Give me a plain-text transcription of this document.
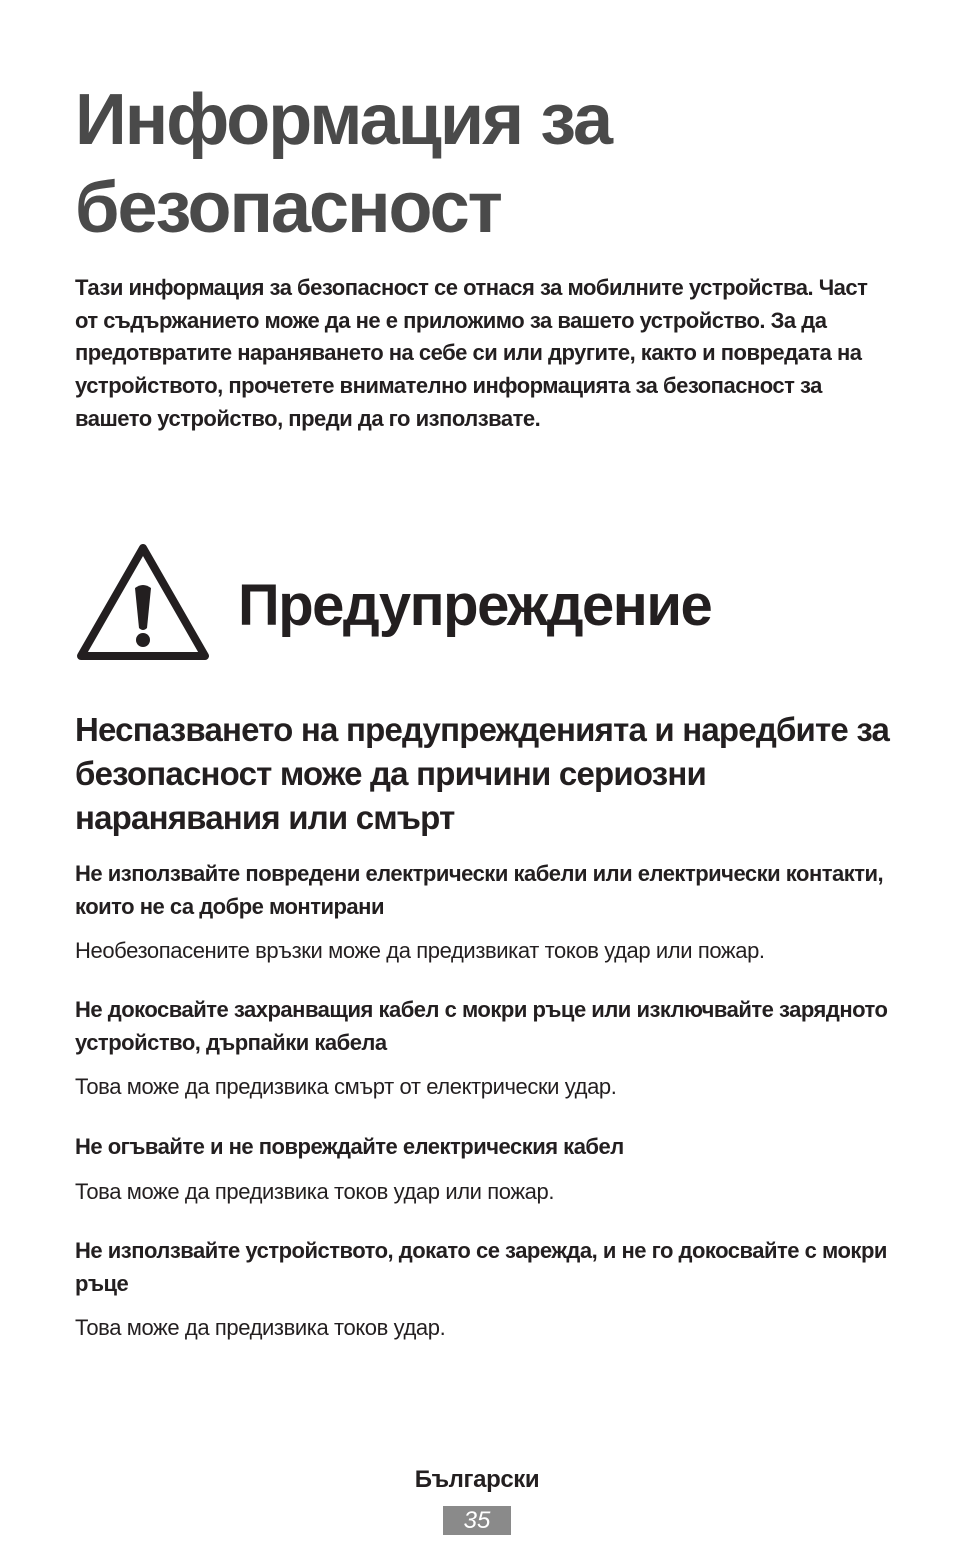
Информация за безопасност

Тази информация за безопасност се отнася за мобилните устройства. Част от съдържанието може да не е приложимо за вашето устройство. За да предотвратите нараняването на себе си или другите, както и повредата на устройството, прочетете внимателно информацията за безопасност за вашето устройство, преди да го използвате.

Предупреждение
Неспазването на предупрежденията и наредбите за безопасност може да причини сериозни наранявания или смърт

Не използвайте повредени електрически кабели или електрически контакти, които не са добре монтирани

Необезопасените връзки може да предизвикат токов удар или пожар.

Не докосвайте захранващия кабел с мокри ръце или изключвайте зарядното устройство, дърпайки кабела

Това може да предизвика смърт от електрически удар.

Не огъвайте и не повреждайте електрическия кабел

Това може да предизвика токов удар или пожар.

Не използвайте устройството, докато се зарежда, и не го докосвайте с мокри ръце

Това може да предизвика токов удар.

Български
35
